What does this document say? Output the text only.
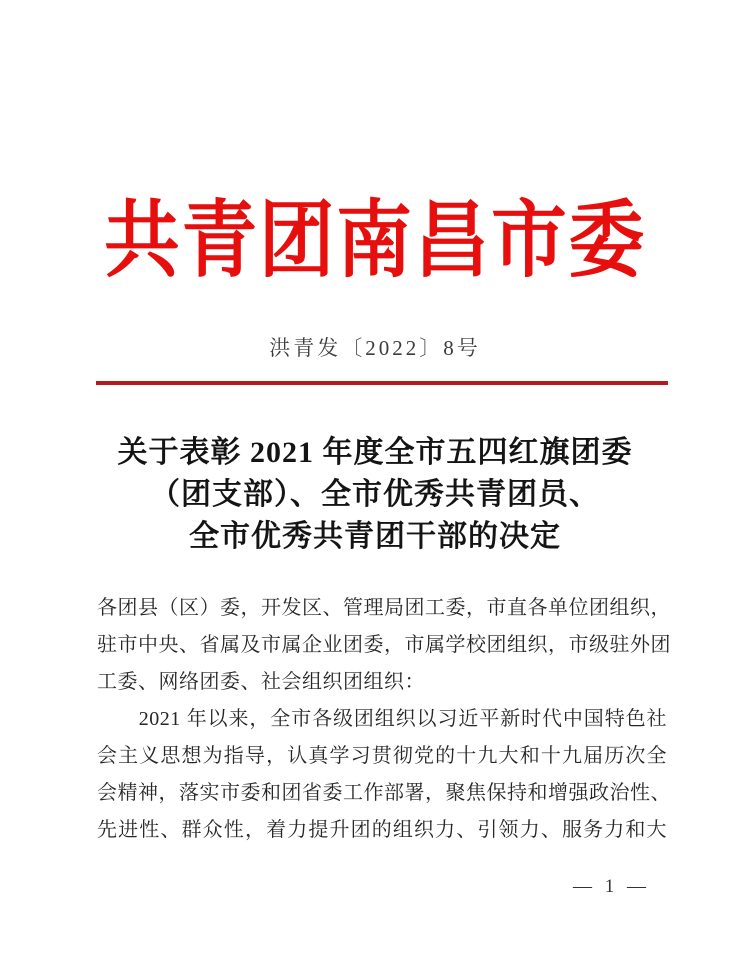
共青团南昌市委
洪青发〔2022〕8号
关于表彰 2021 年度全市五四红旗团委
（团支部）、全市优秀共青团员、
全市优秀共青团干部的决定
各团县（区）委，开发区、管理局团工委，市直各单位团组织，
驻市中央、省属及市属企业团委，市属学校团组织，市级驻外团
工委、网络团委、社会组织团组织：
　　2021 年以来，全市各级团组织以习近平新时代中国特色社
会主义思想为指导，认真学习贯彻党的十九大和十九届历次全
会精神，落实市委和团省委工作部署，聚焦保持和增强政治性、
先进性、群众性，着力提升团的组织力、引领力、服务力和大
— 1 —
